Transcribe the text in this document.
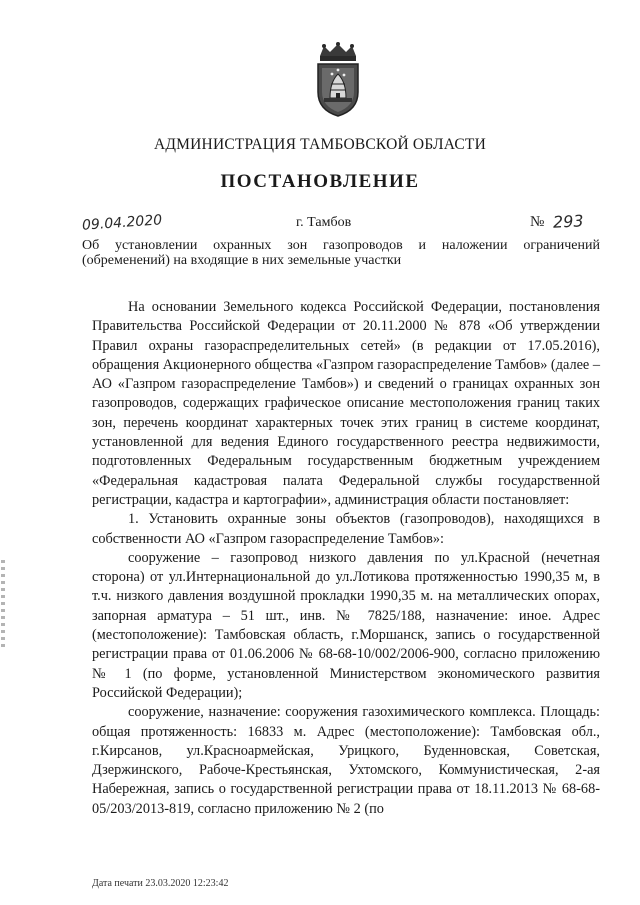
АДМИНИСТРАЦИЯ ТАМБОВСКОЙ ОБЛАСТИ
ПОСТАНОВЛЕНИЕ
09.04.2020	г. Тамбов	№ 293
Об установлении охранных зон газопроводов и наложении ограничений (обременений) на входящие в них земельные участки

На основании Земельного кодекса Российской Федерации, постановления Правительства Российской Федерации от 20.11.2000 № 878 «Об утверждении Правил охраны газораспределительных сетей» (в редакции от 17.05.2016), обращения Акционерного общества «Газпром газораспределение Тамбов» (далее – АО «Газпром газораспределение Тамбов») и сведений о границах охранных зон газопроводов, содержащих графическое описание местоположения границ таких зон, перечень координат характерных точек этих границ в системе координат, установленной для ведения Единого государственного реестра недвижимости, подготовленных Федеральным государственным бюджетным учреждением «Федеральная кадастровая палата Федеральной службы государственной регистрации, кадастра и картографии», администрация области постановляет:

1. Установить охранные зоны объектов (газопроводов), находящихся в собственности АО «Газпром газораспределение Тамбов»:

сооружение – газопровод низкого давления по ул.Красной (нечетная сторона) от ул.Интернациональной до ул.Лотикова протяженностью 1990,35 м, в т.ч. низкого давления воздушной прокладки 1990,35 м. на металлических опорах, запорная арматура – 51 шт., инв. № 7825/188, назначение: иное. Адрес (местоположение): Тамбовская область, г.Моршанск, запись о государственной регистрации права от 01.06.2006 № 68-68-10/002/2006-900, согласно приложению № 1 (по форме, установленной Министерством экономического развития Российской Федерации);

сооружение, назначение: сооружения газохимического комплекса. Площадь: общая протяженность: 16833 м. Адрес (местоположение): Тамбовская обл., г.Кирсанов, ул.Красноармейская, Урицкого, Буденновская, Советская, Дзержинского, Рабоче-Крестьянская, Ухтомского, Коммунистическая, 2-ая Набережная, запись о государственной регистрации права от 18.11.2013 № 68-68-05/203/2013-819, согласно приложению № 2 (по

Дата печати 23.03.2020 12:23:42
